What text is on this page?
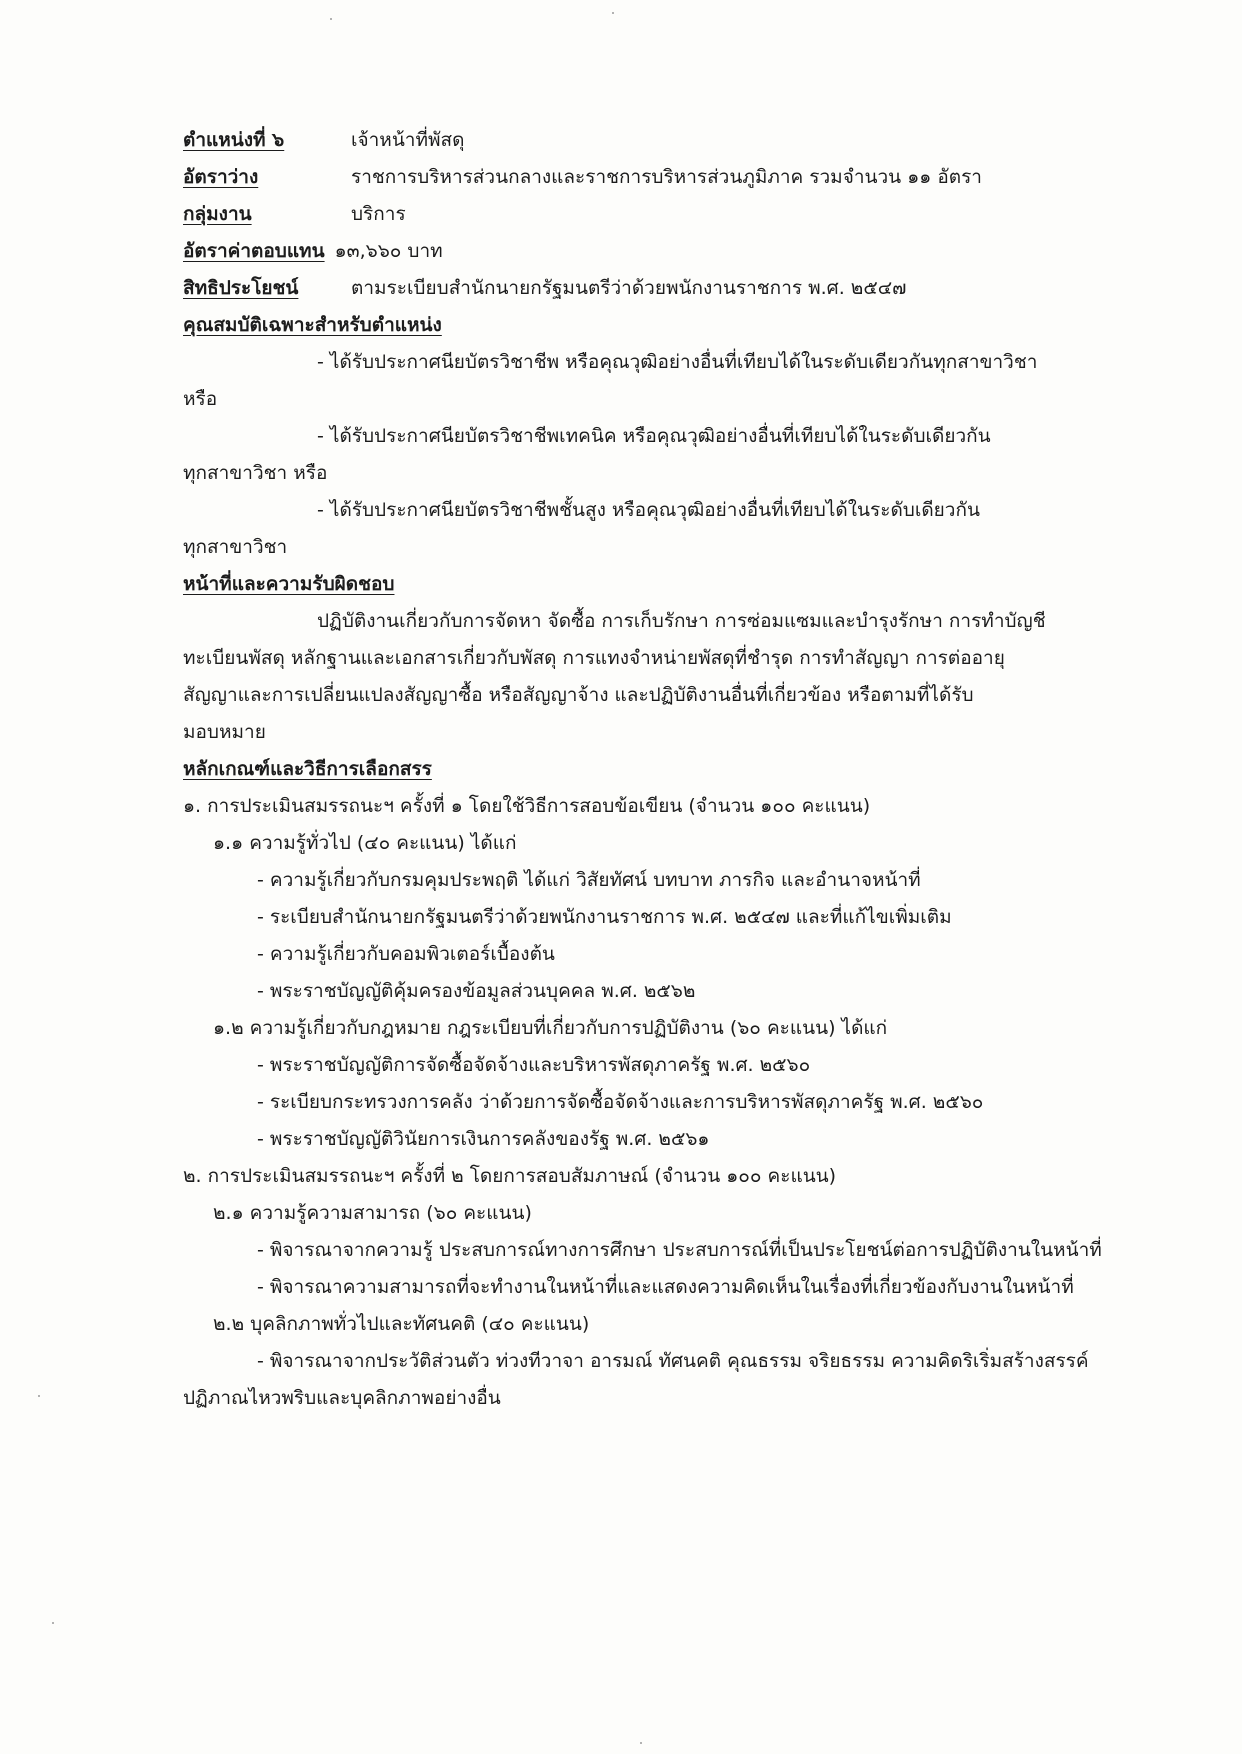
ตำแหน่งที่ ๖	เจ้าหน้าที่พัสดุ
อัตราว่าง	ราชการบริหารส่วนกลางและราชการบริหารส่วนภูมิภาค รวมจำนวน ๑๑ อัตรา
กลุ่มงาน	บริการ
อัตราค่าตอบแทน ๑๓,๖๖๐ บาท
สิทธิประโยชน์	ตามระเบียบสำนักนายกรัฐมนตรีว่าด้วยพนักงานราชการ พ.ศ. ๒๕๔๗
คุณสมบัติเฉพาะสำหรับตำแหน่ง
- ได้รับประกาศนียบัตรวิชาชีพ หรือคุณวุฒิอย่างอื่นที่เทียบได้ในระดับเดียวกันทุกสาขาวิชา
หรือ
- ได้รับประกาศนียบัตรวิชาชีพเทคนิค หรือคุณวุฒิอย่างอื่นที่เทียบได้ในระดับเดียวกัน
ทุกสาขาวิชา หรือ
- ได้รับประกาศนียบัตรวิชาชีพชั้นสูง หรือคุณวุฒิอย่างอื่นที่เทียบได้ในระดับเดียวกัน
ทุกสาขาวิชา
หน้าที่และความรับผิดชอบ
ปฏิบัติงานเกี่ยวกับการจัดหา จัดซื้อ การเก็บรักษา การซ่อมแซมและบำรุงรักษา การทำบัญชี
ทะเบียนพัสดุ หลักฐานและเอกสารเกี่ยวกับพัสดุ การแทงจำหน่ายพัสดุที่ชำรุด การทำสัญญา การต่ออายุ
สัญญาและการเปลี่ยนแปลงสัญญาซื้อ หรือสัญญาจ้าง และปฏิบัติงานอื่นที่เกี่ยวข้อง หรือตามที่ได้รับ
มอบหมาย
หลักเกณฑ์และวิธีการเลือกสรร
๑. การประเมินสมรรถนะฯ ครั้งที่ ๑ โดยใช้วิธีการสอบข้อเขียน (จำนวน ๑๐๐ คะแนน)
๑.๑ ความรู้ทั่วไป (๔๐ คะแนน) ได้แก่
- ความรู้เกี่ยวกับกรมคุมประพฤติ ได้แก่ วิสัยทัศน์ บทบาท ภารกิจ และอำนาจหน้าที่
- ระเบียบสำนักนายกรัฐมนตรีว่าด้วยพนักงานราชการ พ.ศ. ๒๕๔๗ และที่แก้ไขเพิ่มเติม
- ความรู้เกี่ยวกับคอมพิวเตอร์เบื้องต้น
- พระราชบัญญัติคุ้มครองข้อมูลส่วนบุคคล พ.ศ. ๒๕๖๒
๑.๒ ความรู้เกี่ยวกับกฎหมาย กฎระเบียบที่เกี่ยวกับการปฏิบัติงาน (๖๐ คะแนน) ได้แก่
- พระราชบัญญัติการจัดซื้อจัดจ้างและบริหารพัสดุภาครัฐ พ.ศ. ๒๕๖๐
- ระเบียบกระทรวงการคลัง ว่าด้วยการจัดซื้อจัดจ้างและการบริหารพัสดุภาครัฐ พ.ศ. ๒๕๖๐
- พระราชบัญญัติวินัยการเงินการคลังของรัฐ พ.ศ. ๒๕๖๑
๒. การประเมินสมรรถนะฯ ครั้งที่ ๒ โดยการสอบสัมภาษณ์ (จำนวน ๑๐๐ คะแนน)
๒.๑ ความรู้ความสามารถ (๖๐ คะแนน)
- พิจารณาจากความรู้ ประสบการณ์ทางการศึกษา ประสบการณ์ที่เป็นประโยชน์ต่อการปฏิบัติงานในหน้าที่
- พิจารณาความสามารถที่จะทำงานในหน้าที่และแสดงความคิดเห็นในเรื่องที่เกี่ยวข้องกับงานในหน้าที่
๒.๒ บุคลิกภาพทั่วไปและทัศนคติ (๔๐ คะแนน)
- พิจารณาจากประวัติส่วนตัว ท่วงทีวาจา อารมณ์ ทัศนคติ คุณธรรม จริยธรรม ความคิดริเริ่มสร้างสรรค์
ปฏิภาณไหวพริบและบุคลิกภาพอย่างอื่น
